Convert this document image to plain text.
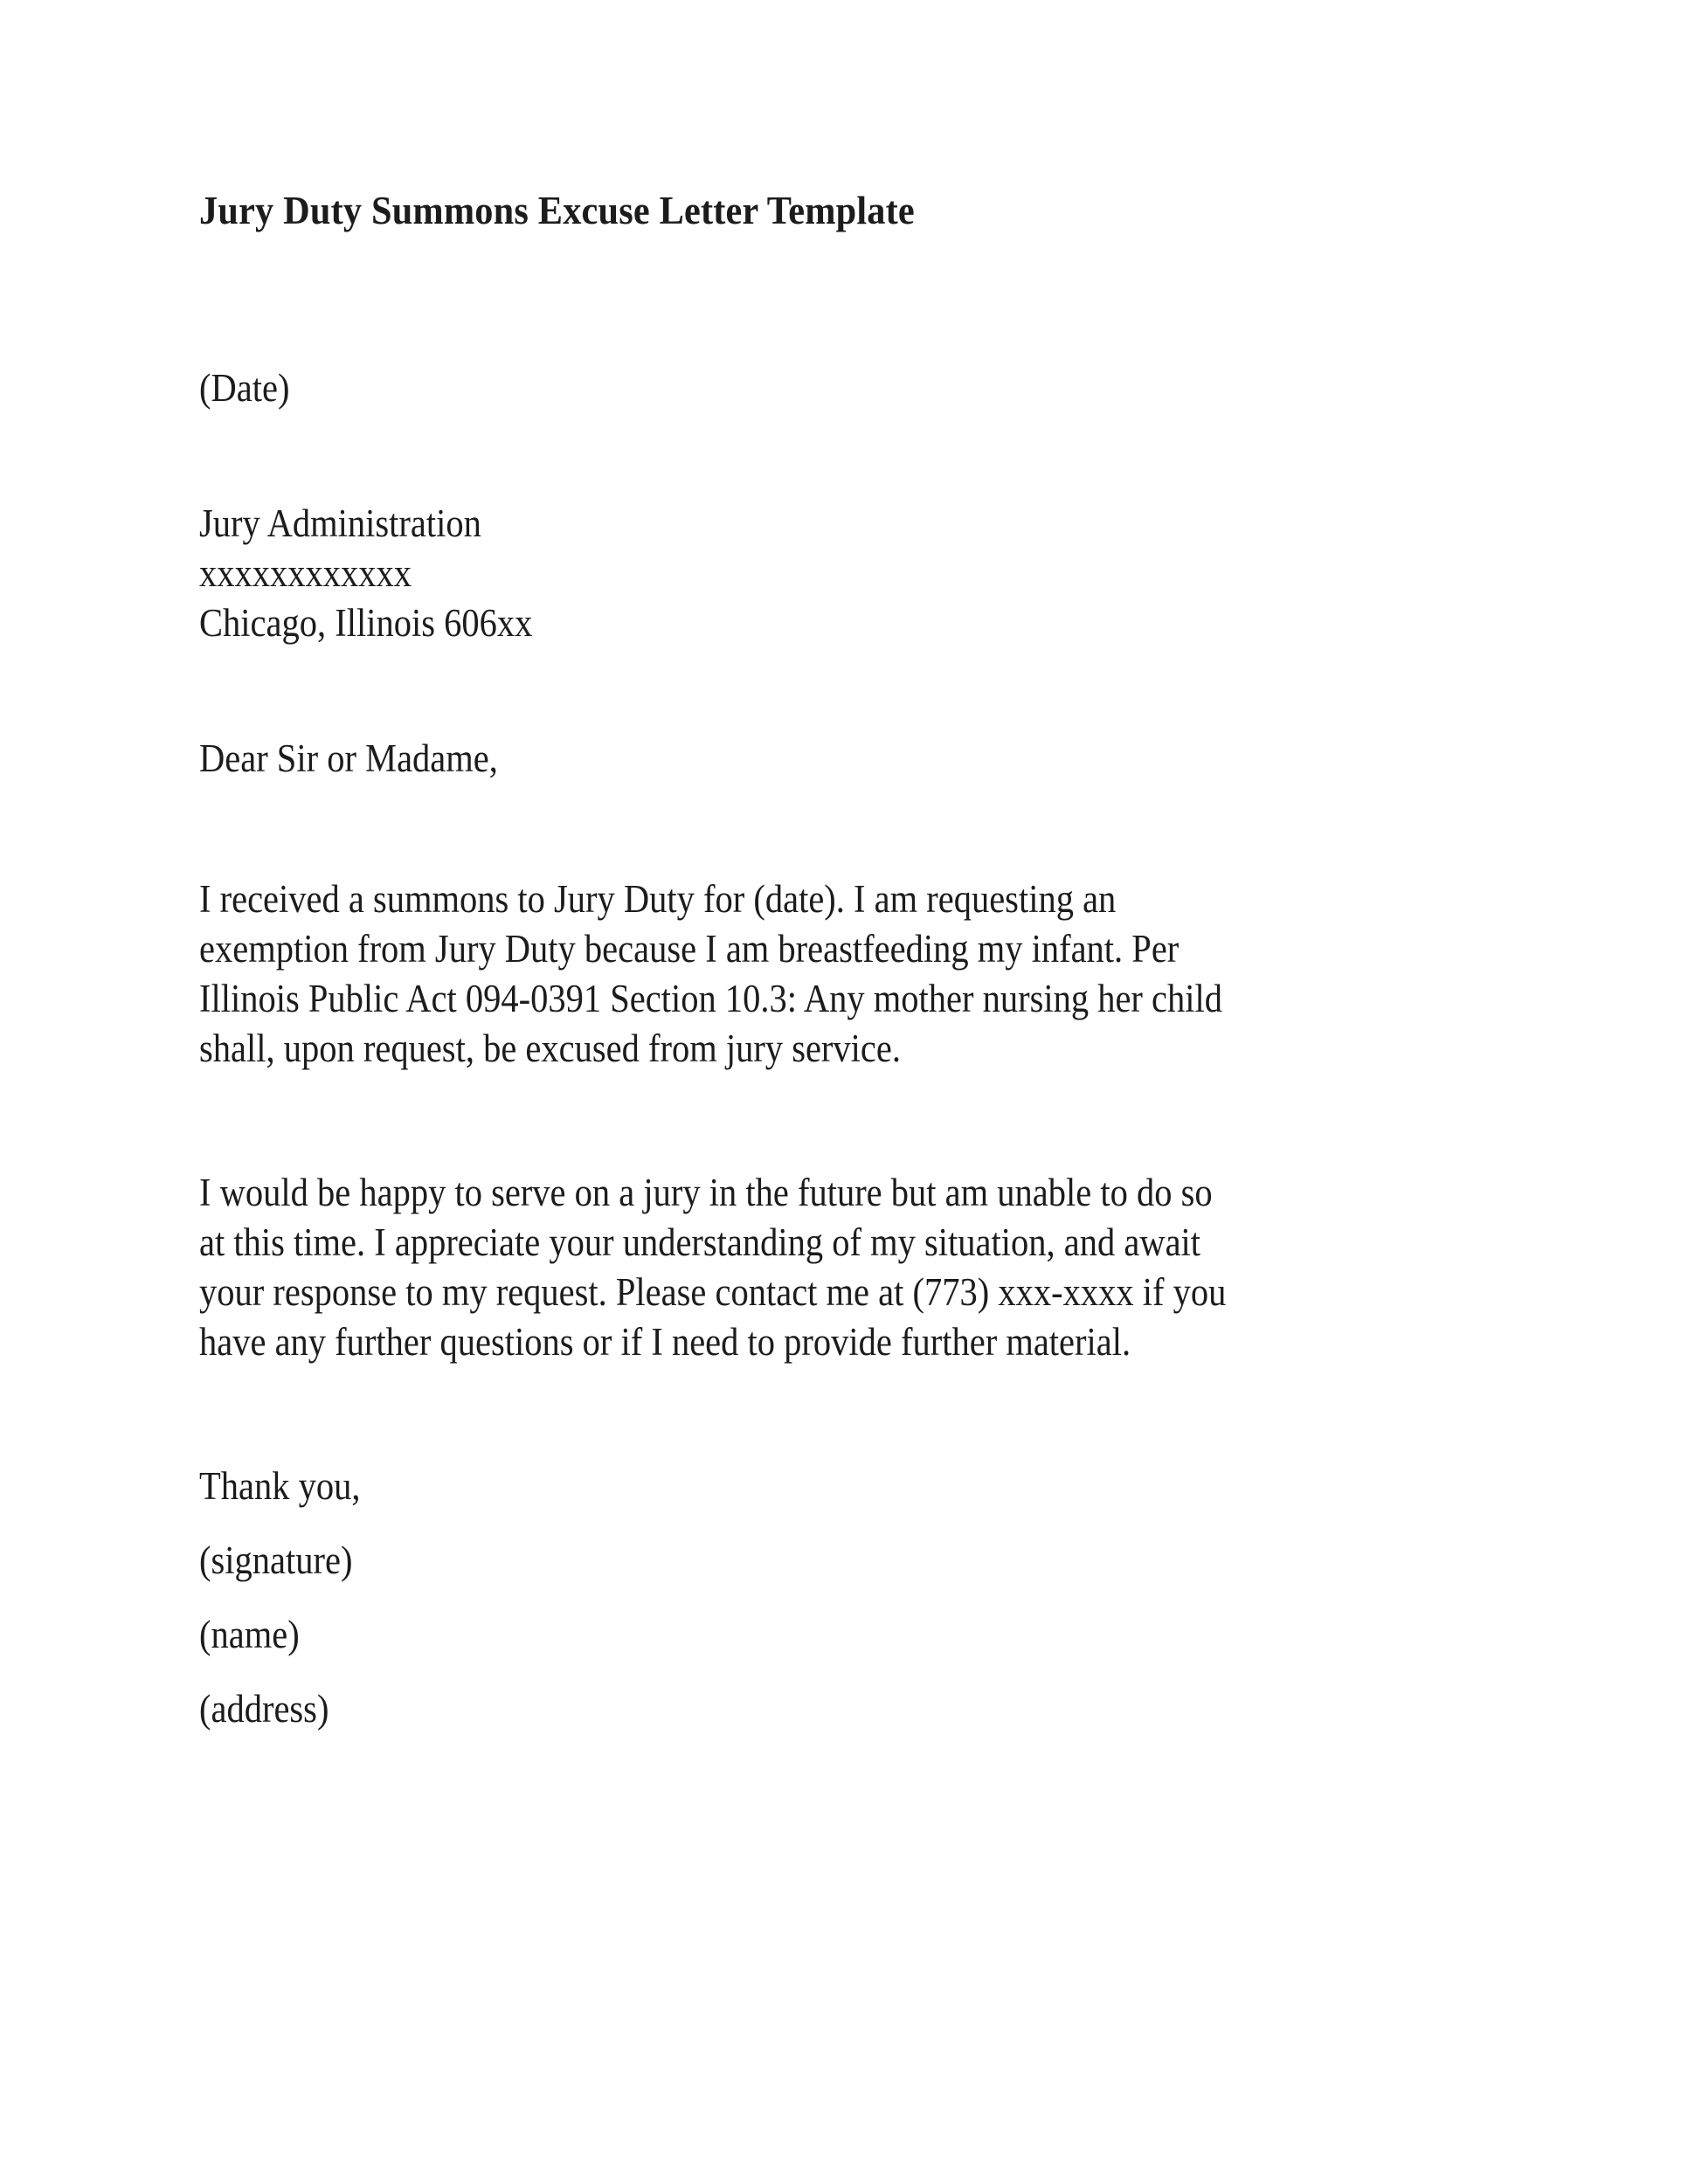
Jury Duty Summons Excuse Letter Template

(Date)

Jury Administration

xxxxxxxxxxxx

Chicago, Illinois 606xx

Dear Sir or Madame,

I received a summons to Jury Duty for (date). I am requesting an

exemption from Jury Duty because I am breastfeeding my infant. Per

Illinois Public Act 094-0391 Section 10.3: Any mother nursing her child

shall, upon request, be excused from jury service.

I would be happy to serve on a jury in the future but am unable to do so

at this time. I appreciate your understanding of my situation, and await

your response to my request. Please contact me at (773) xxx-xxxx if you

have any further questions or if I need to provide further material.

Thank you,

(signature)

(name)

(address)
